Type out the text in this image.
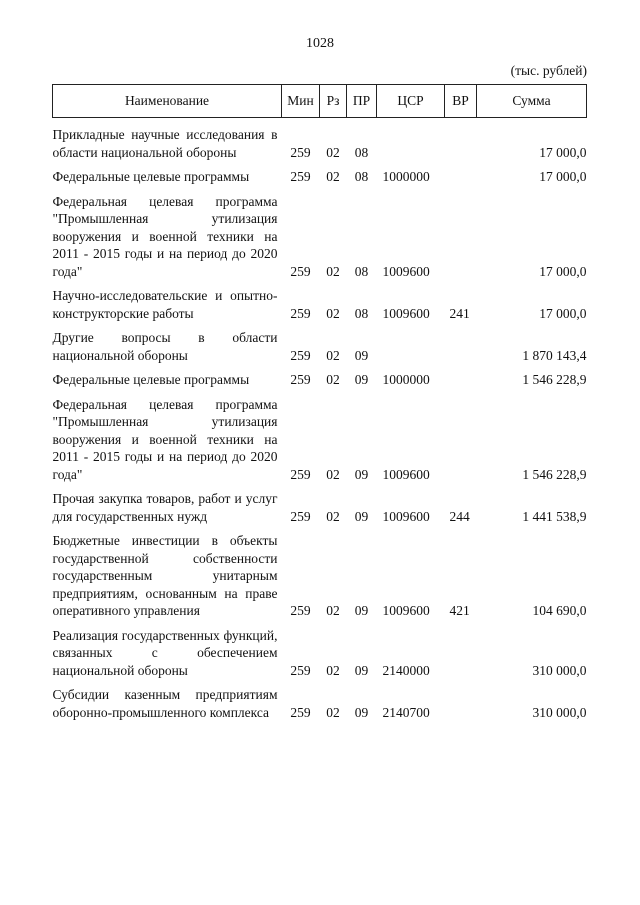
1028
(тыс. рублей)
Наименование	Мин	Рз	ПР	ЦСР	ВР	Сумма
Прикладные научные исследования в области национальной обороны	259	02	08			17 000,0
Федеральные целевые программы	259	02	08	1000000		17 000,0
Федеральная целевая программа "Промышленная утилизация вооружения и военной техники на 2011 - 2015 годы и на период до 2020 года"	259	02	08	1009600		17 000,0
Научно-исследовательские и опытно-конструкторские работы	259	02	08	1009600	241	17 000,0
Другие вопросы в области национальной обороны	259	02	09			1 870 143,4
Федеральные целевые программы	259	02	09	1000000		1 546 228,9
Федеральная целевая программа "Промышленная утилизация вооружения и военной техники на 2011 - 2015 годы и на период до 2020 года"	259	02	09	1009600		1 546 228,9
Прочая закупка товаров, работ и услуг для государственных нужд	259	02	09	1009600	244	1 441 538,9
Бюджетные инвестиции в объекты государственной собственности государственным унитарным предприятиям, основанным на праве оперативного управления	259	02	09	1009600	421	104 690,0
Реализация государственных функций, связанных с обеспечением национальной обороны	259	02	09	2140000		310 000,0
Субсидии казенным предприятиям оборонно-промышленного комплекса	259	02	09	2140700		310 000,0
